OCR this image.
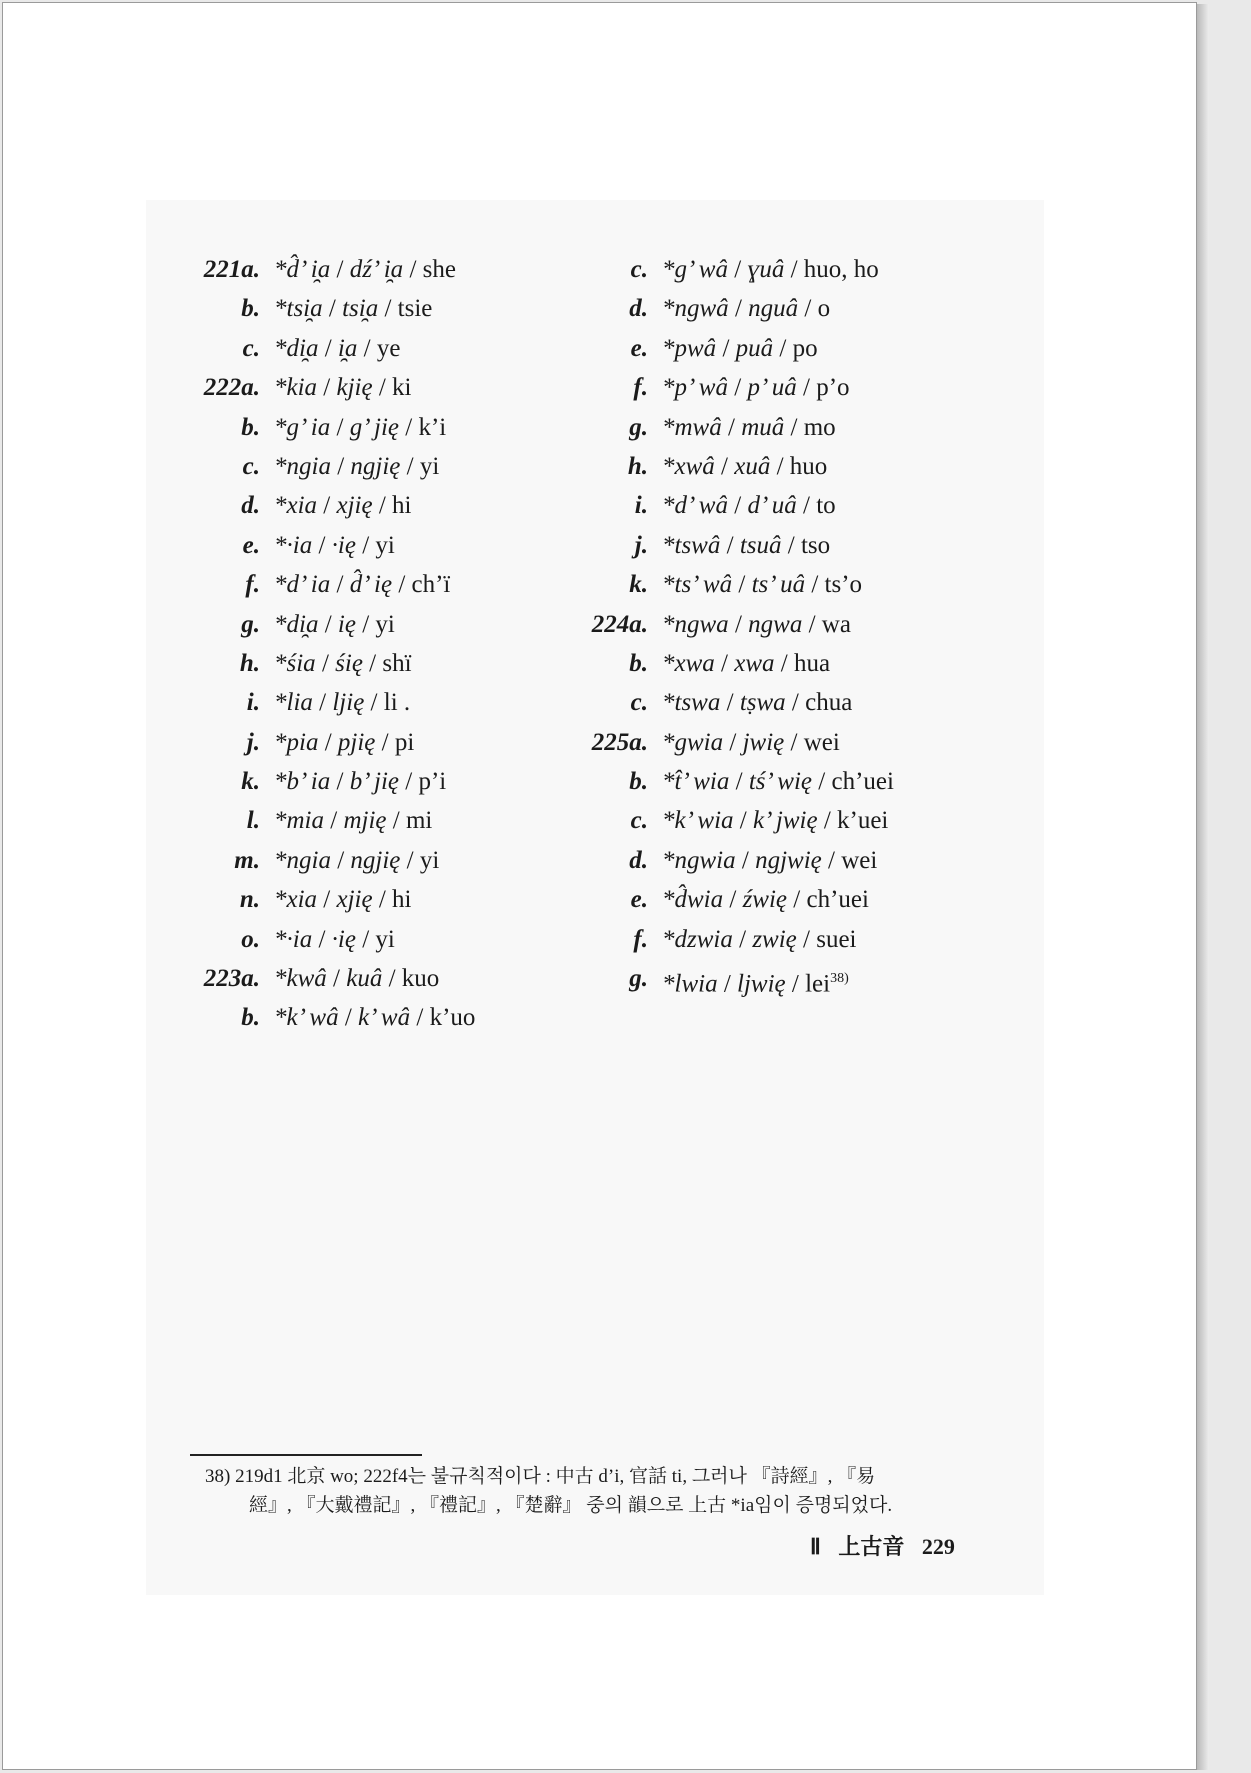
221a. *d̂’ i̯a / dź’ i̯a / she
b. *tsi̯a / tsi̯a / tsie
c. *di̯a / i̯a / ye
222a. *kia / kjię / ki
b. *g’ ia / g’ jię / k’i
c. *ngia / ngjię / yi
d. *xia / xjię / hi
e. *·ia / ·ię / yi
f. *d’ ia / d̂’ ię / ch’ï
g. *di̯a / ię / yi
h. *śia / śię / shï
i. *lia / ljię / li .
j. *pia / pjię / pi
k. *b’ ia / b’ jię / p’i
l. *mia / mjię / mi
m. *ngia / ngjię / yi
n. *xia / xjię / hi
o. *·ia / ·ię / yi
223a. *kwâ / kuâ / kuo
b. *k’ wâ / k’ wâ / k’uo
c. *g’ wâ / ɣuâ / huo, ho
d. *ngwâ / nguâ / o
e. *pwâ / puâ / po
f. *p’ wâ / p’ uâ / p’o
g. *mwâ / muâ / mo
h. *xwâ / xuâ / huo
i. *d’ wâ / d’ uâ / to
j. *tswâ / tsuâ / tso
k. *ts’ wâ / ts’ uâ / ts’o
224a. *ngwa / ngwa / wa
b. *xwa / xwa / hua
c. *tswa / tṣwa / chua
225a. *gwia / jwię / wei
b. *t̂’ wia / tś’ wię / ch’uei
c. *k’ wia / k’ jwię / k’uei
d. *ngwia / ngjwię / wei
e. *d̂wia / źwię / ch’uei
f. *dzwia / zwię / suei
g. *lwia / ljwię / lei$^{38)}$
38) 219d1 北京 wo; 222f4는 불규칙적이다 : 中古 d’i, 官話 ti, 그러나 『詩經』, 『易
經』, 『大戴禮記』, 『禮記』, 『楚辭』 중의 韻으로 上古 *ia임이 증명되었다.
Ⅱ 上古音 229
